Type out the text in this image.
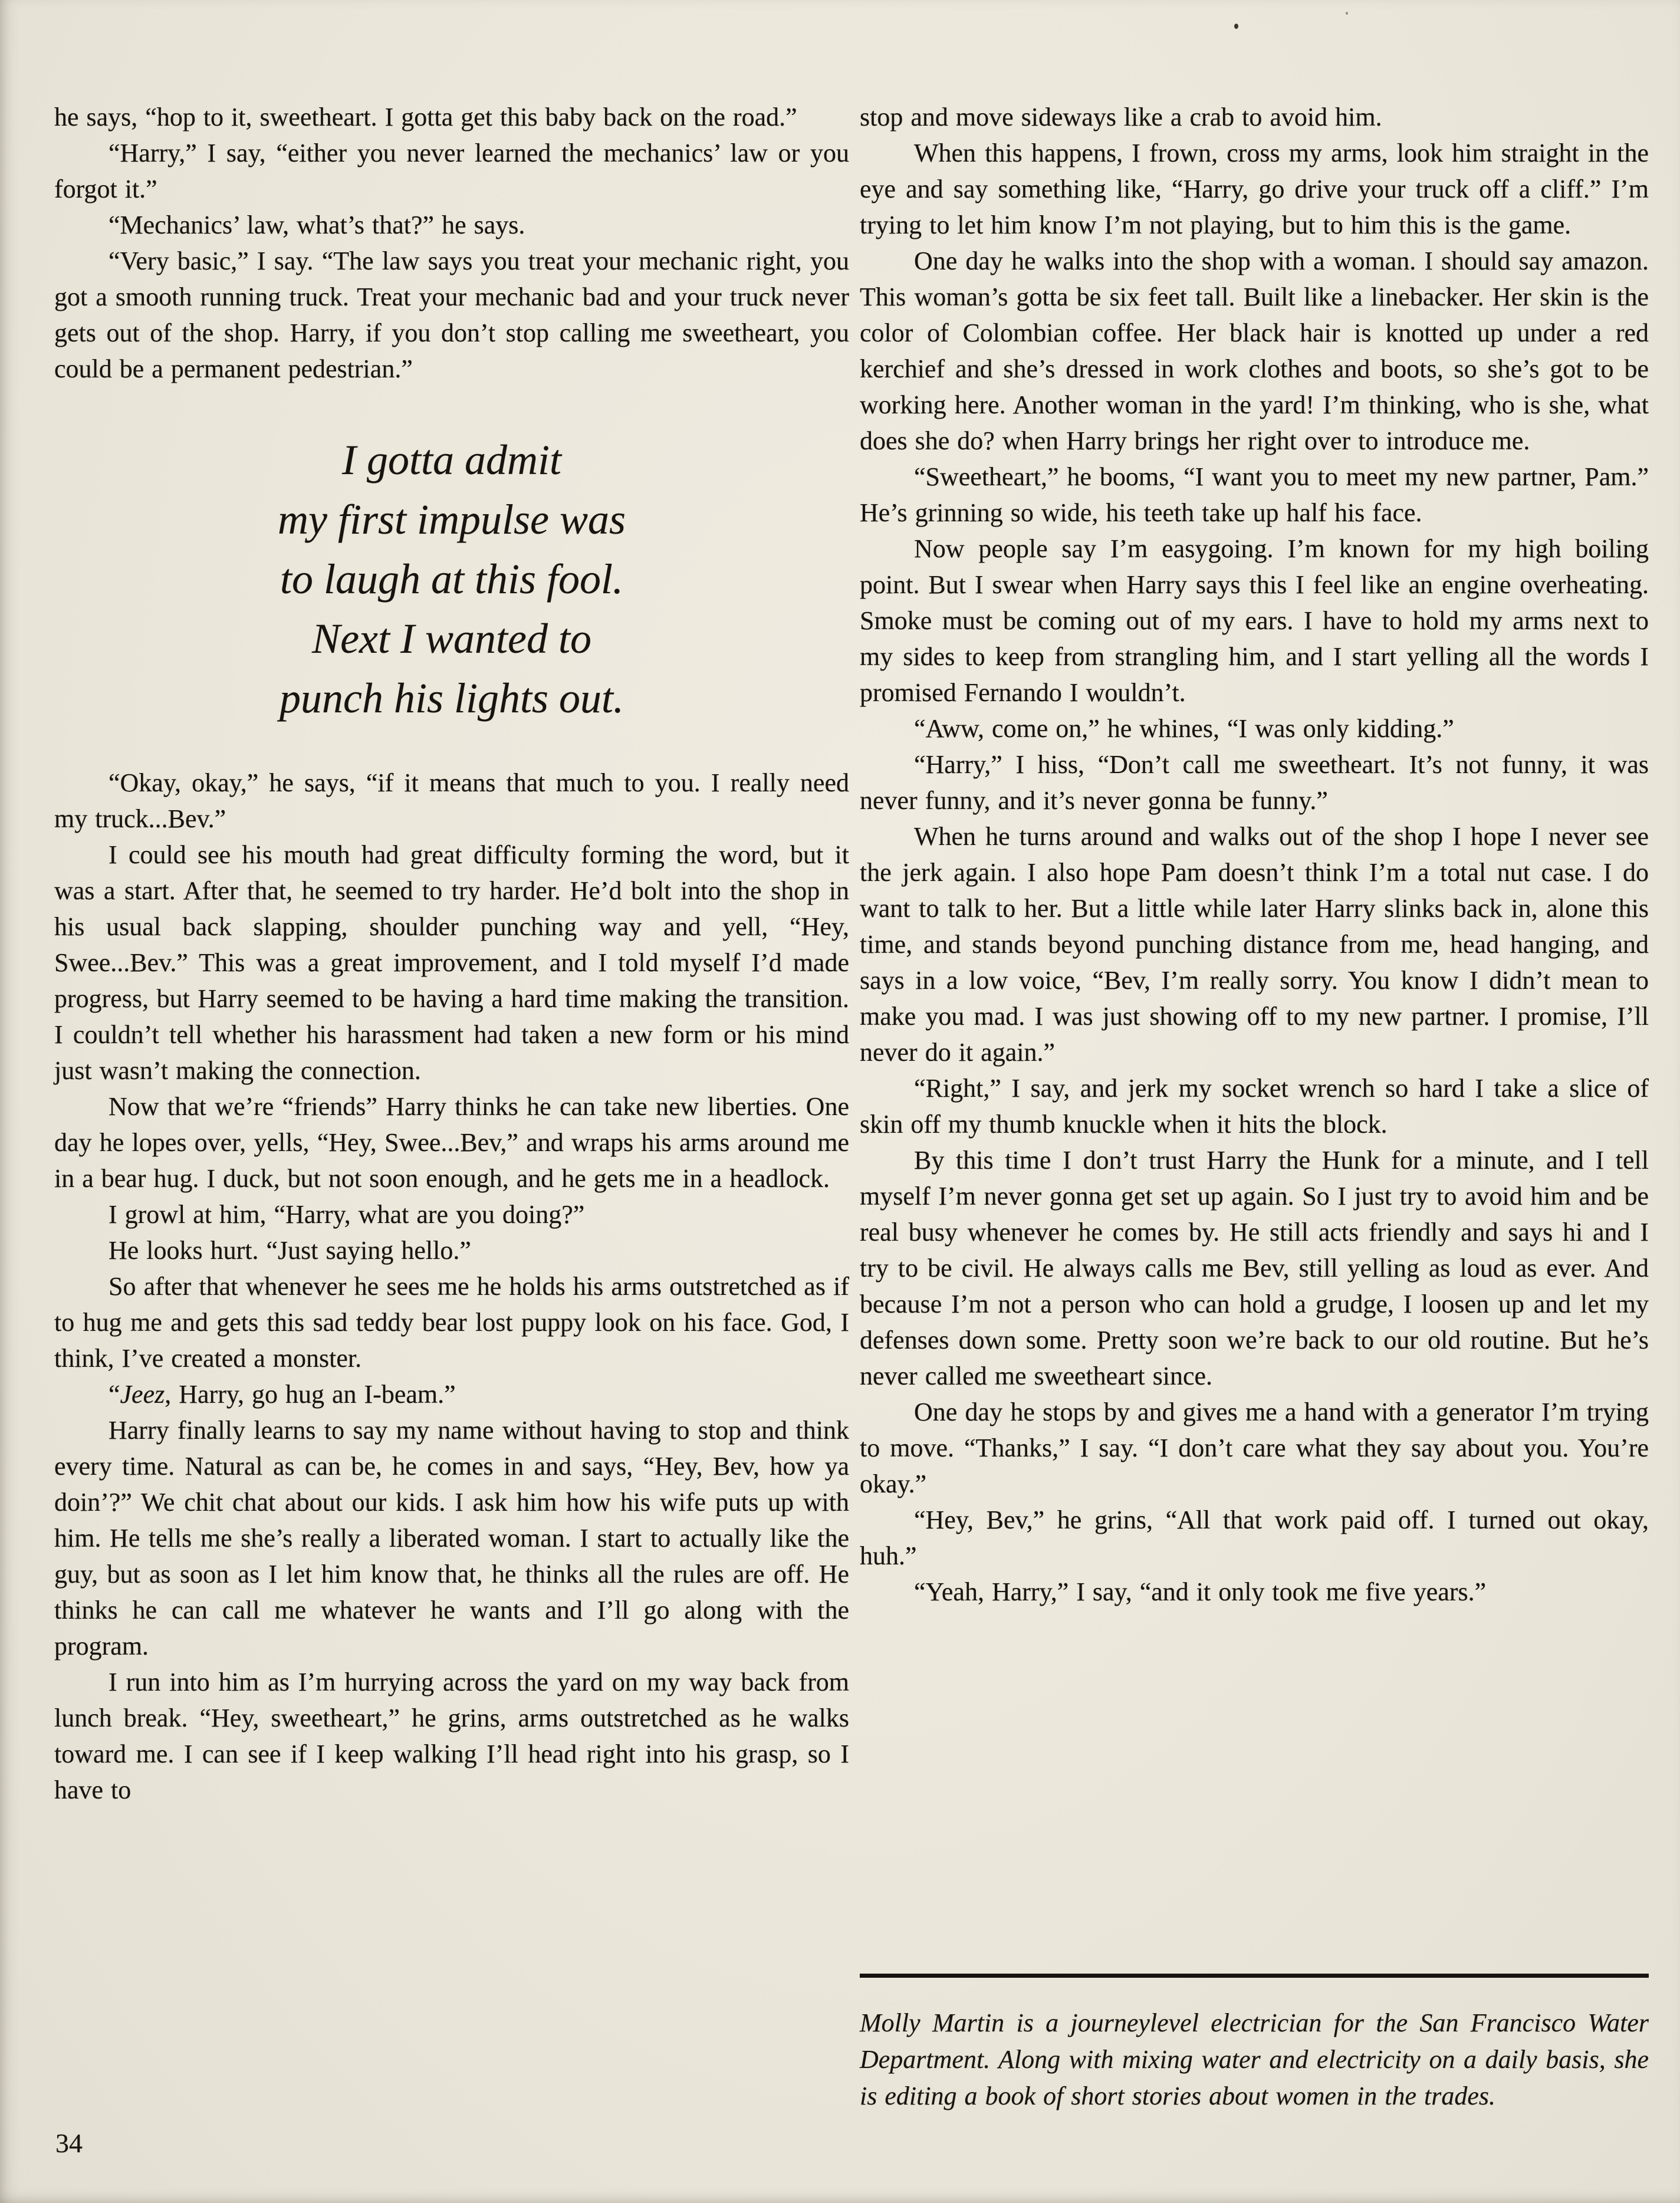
he says, “hop to it, sweetheart. I gotta get this baby back on the road.”

“Harry,” I say, “either you never learned the mechanics’ law or you forgot it.”

“Mechanics’ law, what’s that?” he says.

“Very basic,” I say. “The law says you treat your mechanic right, you got a smooth running truck. Treat your mechanic bad and your truck never gets out of the shop. Harry, if you don’t stop calling me sweetheart, you could be a permanent pedestrian.”

I gotta admit
my first impulse was
to laugh at this fool.
Next I wanted to
punch his lights out.

“Okay, okay,” he says, “if it means that much to you. I really need my truck...Bev.”

I could see his mouth had great difficulty forming the word, but it was a start. After that, he seemed to try harder. He’d bolt into the shop in his usual back slapping, shoulder punching way and yell, “Hey, Swee...Bev.” This was a great improvement, and I told myself I’d made progress, but Harry seemed to be having a hard time making the transition. I couldn’t tell whether his harassment had taken a new form or his mind just wasn’t making the connection.

Now that we’re “friends” Harry thinks he can take new liberties. One day he lopes over, yells, “Hey, Swee...Bev,” and wraps his arms around me in a bear hug. I duck, but not soon enough, and he gets me in a headlock.

I growl at him, “Harry, what are you doing?”

He looks hurt. “Just saying hello.”

So after that whenever he sees me he holds his arms outstretched as if to hug me and gets this sad teddy bear lost puppy look on his face. God, I think, I’ve created a monster.

“Jeez, Harry, go hug an I-beam.”

Harry finally learns to say my name without having to stop and think every time. Natural as can be, he comes in and says, “Hey, Bev, how ya doin’?” We chit chat about our kids. I ask him how his wife puts up with him. He tells me she’s really a liberated woman. I start to actually like the guy, but as soon as I let him know that, he thinks all the rules are off. He thinks he can call me whatever he wants and I’ll go along with the program.

I run into him as I’m hurrying across the yard on my way back from lunch break. “Hey, sweetheart,” he grins, arms outstretched as he walks toward me. I can see if I keep walking I’ll head right into his grasp, so I have to

stop and move sideways like a crab to avoid him.

When this happens, I frown, cross my arms, look him straight in the eye and say something like, “Harry, go drive your truck off a cliff.” I’m trying to let him know I’m not playing, but to him this is the game.

One day he walks into the shop with a woman. I should say amazon. This woman’s gotta be six feet tall. Built like a linebacker. Her skin is the color of Colombian coffee. Her black hair is knotted up under a red kerchief and she’s dressed in work clothes and boots, so she’s got to be working here. Another woman in the yard! I’m thinking, who is she, what does she do? when Harry brings her right over to introduce me.

“Sweetheart,” he booms, “I want you to meet my new partner, Pam.” He’s grinning so wide, his teeth take up half his face.

Now people say I’m easygoing. I’m known for my high boiling point. But I swear when Harry says this I feel like an engine overheating. Smoke must be coming out of my ears. I have to hold my arms next to my sides to keep from strangling him, and I start yelling all the words I promised Fernando I wouldn’t.

“Aww, come on,” he whines, “I was only kidding.”

“Harry,” I hiss, “Don’t call me sweetheart. It’s not funny, it was never funny, and it’s never gonna be funny.”

When he turns around and walks out of the shop I hope I never see the jerk again. I also hope Pam doesn’t think I’m a total nut case. I do want to talk to her. But a little while later Harry slinks back in, alone this time, and stands beyond punching distance from me, head hanging, and says in a low voice, “Bev, I’m really sorry. You know I didn’t mean to make you mad. I was just showing off to my new partner. I promise, I’ll never do it again.”

“Right,” I say, and jerk my socket wrench so hard I take a slice of skin off my thumb knuckle when it hits the block.

By this time I don’t trust Harry the Hunk for a minute, and I tell myself I’m never gonna get set up again. So I just try to avoid him and be real busy whenever he comes by. He still acts friendly and says hi and I try to be civil. He always calls me Bev, still yelling as loud as ever. And because I’m not a person who can hold a grudge, I loosen up and let my defenses down some. Pretty soon we’re back to our old routine. But he’s never called me sweetheart since.

One day he stops by and gives me a hand with a generator I’m trying to move. “Thanks,” I say. “I don’t care what they say about you. You’re okay.”

“Hey, Bev,” he grins, “All that work paid off. I turned out okay, huh.”

“Yeah, Harry,” I say, “and it only took me five years.”

Molly Martin is a journeylevel electrician for the San Francisco Water Department. Along with mixing water and electricity on a daily basis, she is editing a book of short stories about women in the trades.

34
